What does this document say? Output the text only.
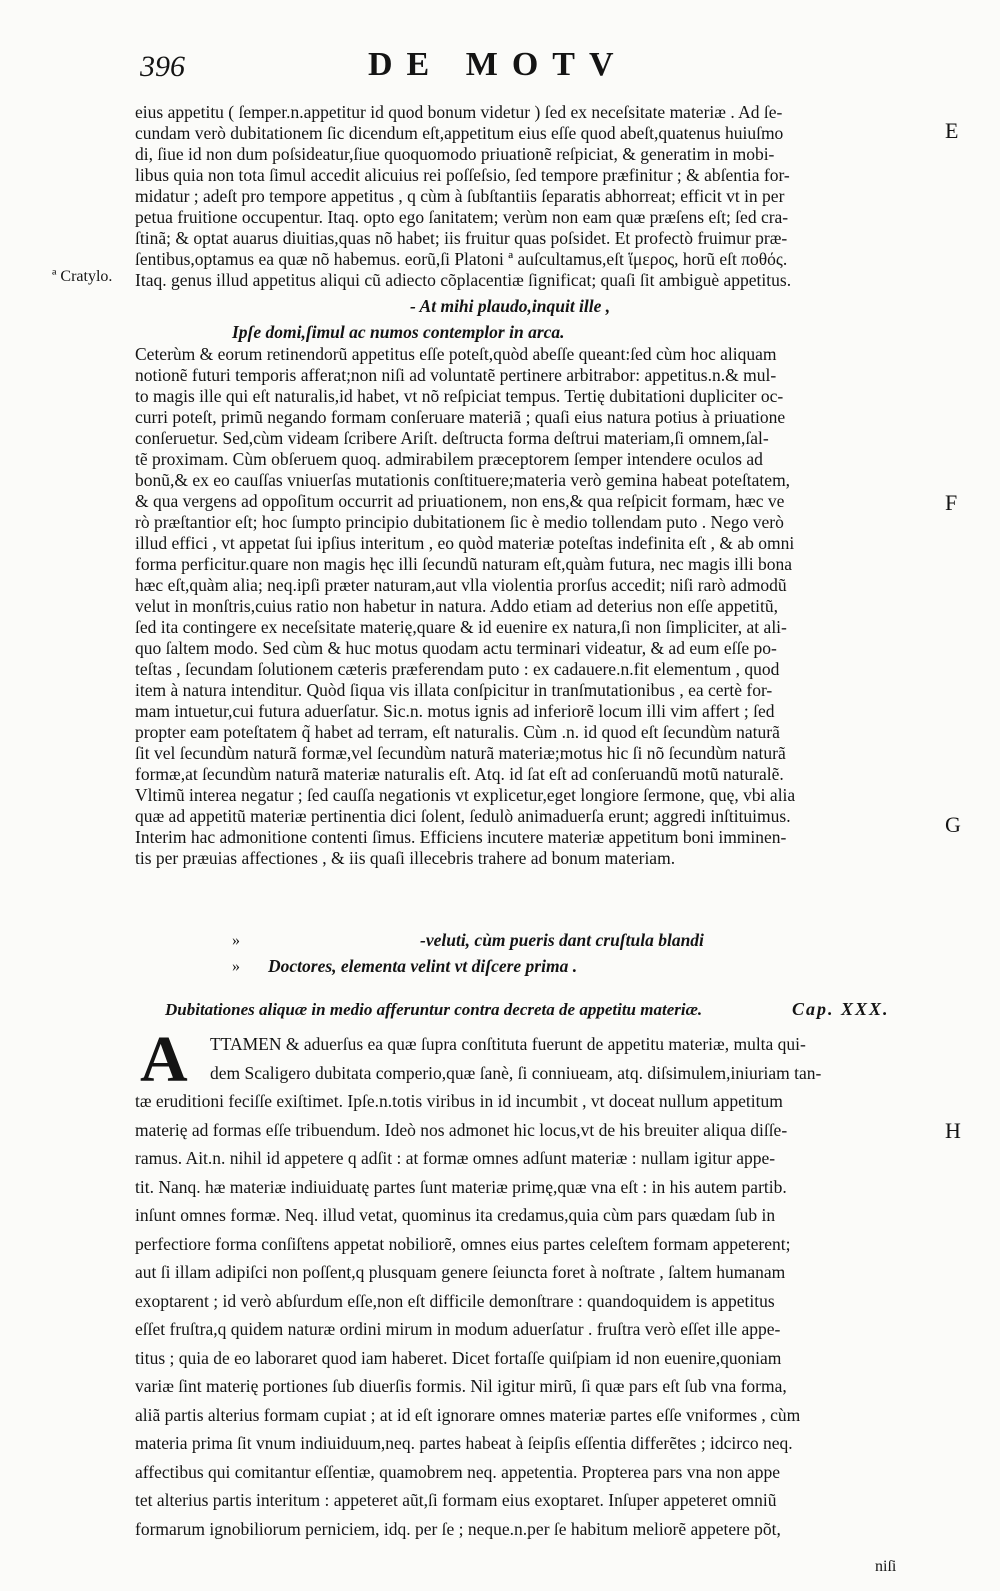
396	DE MOTV
ª Cratylo.
E
F
G
H
eius appetitu ( ſemper.n.appetitur id quod bonum videtur ) ſed ex neceſsitate materiæ . Ad ſe-
cundam verò dubitationem ſic dicendum eſt,appetitum eius eſſe quod abeſt,quatenus huiuſmo
di, ſiue id non dum poſsideatur,ſiue quoquomodo priuationẽ reſpiciat, & generatim in mobi-
libus quia non tota ſimul accedit alicuius rei poſſeſsio, ſed tempore præfinitur ; & abſentia for-
midatur ; adeſt pro tempore appetitus , q cùm à ſubſtantiis ſeparatis abhorreat; efficit vt in per
petua fruitione occupentur. Itaq. opto ego ſanitatem; verùm non eam quæ præſens eſt; ſed cra-
ſtinã; & optat auarus diuitias,quas nõ habet; iis fruitur quas poſsidet. Et profectò fruimur præ-
ſentibus,optamus ea quæ nõ habemus. eorũ,ſi Platoni ª auſcultamus,eſt ἵμερος, horũ eſt ποθός.
Itaq. genus illud appetitus aliqui cũ adiecto cõplacentiæ ſignificat; quaſi ſit ambiguè appetitus.
- At mihi plaudo,inquit ille ,
Ipſe domi,ſimul ac numos contemplor in arca.
Ceterùm & eorum retinendorũ appetitus eſſe poteſt,quòd abeſſe queant:ſed cùm hoc aliquam
notionẽ futuri temporis afferat;non niſi ad voluntatẽ pertinere arbitrabor: appetitus.n.& mul-
to magis ille qui eſt naturalis,id habet, vt nõ reſpiciat tempus. Tertię dubitationi dupliciter oc-
curri poteſt, primũ negando formam conſeruare materiã ; quaſi eius natura potius à priuatione
conſeruetur. Sed,cùm videam ſcribere Ariſt. deſtructa forma deſtrui materiam,ſi omnem,ſal-
tẽ proximam. Cùm obſeruem quoq. admirabilem præceptorem ſemper intendere oculos ad
bonũ,& ex eo cauſſas vniuerſas mutationis conſtituere;materia verò gemina habeat poteſtatem,
& qua vergens ad oppoſitum occurrit ad priuationem, non ens,& qua reſpicit formam, hæc ve
rò præſtantior eſt; hoc ſumpto principio dubitationem ſic è medio tollendam puto . Nego verò
illud effici , vt appetat ſui ipſius interitum , eo quòd materiæ poteſtas indefinita eſt , & ab omni
forma perficitur.quare non magis hęc illi ſecundũ naturam eſt,quàm futura, nec magis illi bona
hæc eſt,quàm alia; neq.ipſi præter naturam,aut vlla violentia prorſus accedit; niſi rarò admodũ
velut in monſtris,cuius ratio non habetur in natura. Addo etiam ad deterius non eſſe appetitũ,
ſed ita contingere ex neceſsitate materię,quare & id euenire ex natura,ſi non ſimpliciter, at ali-
quo ſaltem modo. Sed cùm & huc motus quodam actu terminari videatur, & ad eum eſſe po-
teſtas , ſecundam ſolutionem cæteris præferendam puto : ex cadauere.n.fit elementum , quod
item à natura intenditur. Quòd ſiqua vis illata conſpicitur in tranſmutationibus , ea certè for-
mam intuetur,cui futura aduerſatur. Sic.n. motus ignis ad inferiorẽ locum illi vim affert ; ſed
propter eam poteſtatem q̃ habet ad terram, eſt naturalis. Cùm .n. id quod eſt ſecundùm naturã
ſit vel ſecundùm naturã formæ,vel ſecundùm naturã materiæ;motus hic ſi nõ ſecundùm naturã
formæ,at ſecundùm naturã materiæ naturalis eſt. Atq. id ſat eſt ad conſeruandũ motũ naturalẽ.
Vltimũ interea negatur ; ſed cauſſa negationis vt explicetur,eget longiore ſermone, quę, vbi alia
quæ ad appetitũ materiæ pertinentia dici ſolent, ſedulò animaduerſa erunt; aggredi inſtituimus.
Interim hac admonitione contenti ſimus. Efficiens incutere materiæ appetitum boni imminen-
tis per præuias affectiones , & iis quaſi illecebris trahere ad bonum materiam.
»
»
-veluti, cùm pueris dant cruſtula blandi
Doctores, elementa velint vt diſcere prima .
Dubitationes aliquæ in medio afferuntur contra decreta de appetitu materiæ.	Cap. XXX.
A TTAMEN & aduerſus ea quæ ſupra conſtituta fuerunt de appetitu materiæ, multa qui-
dem Scaligero dubitata comperio,quæ ſanè, ſi conniueam, atq. diſsimulem,iniuriam tan-
tæ eruditioni feciſſe exiſtimet. Ipſe.n.totis viribus in id incumbit , vt doceat nullum appetitum
materię ad formas eſſe tribuendum. Ideò nos admonet hic locus,vt de his breuiter aliqua diſſe-
ramus. Ait.n. nihil id appetere q adſit : at formæ omnes adſunt materiæ : nullam igitur appe-
tit. Nanq. hæ materiæ indiuiduatę partes ſunt materiæ primę,quæ vna eſt : in his autem partib.
inſunt omnes formæ. Neq. illud vetat, quominus ita credamus,quia cùm pars quædam ſub in
perfectiore forma conſiſtens appetat nobiliorẽ, omnes eius partes celeſtem formam appeterent;
aut ſi illam adipiſci non poſſent,q plusquam genere ſeiuncta foret à noſtrate , ſaltem humanam
exoptarent ; id verò abſurdum eſſe,non eſt difficile demonſtrare : quandoquidem is appetitus
eſſet fruſtra,q quidem naturæ ordini mirum in modum aduerſatur . fruſtra verò eſſet ille appe-
titus ; quia de eo laboraret quod iam haberet. Dicet fortaſſe quiſpiam id non euenire,quoniam
variæ ſint materię portiones ſub diuerſis formis. Nil igitur mirũ, ſi quæ pars eſt ſub vna forma,
aliã partis alterius formam cupiat ; at id eſt ignorare omnes materiæ partes eſſe vniformes , cùm
materia prima ſit vnum indiuiduum,neq. partes habeat à ſeipſis eſſentia differẽtes ; idcirco neq.
affectibus qui comitantur eſſentiæ, quamobrem neq. appetentia. Propterea pars vna non appe
tet alterius partis interitum : appeteret aũt,ſi formam eius exoptaret. Inſuper appeteret omniũ
formarum ignobiliorum perniciem, idq. per ſe ; neque.n.per ſe habitum meliorẽ appetere põt,
niſi
